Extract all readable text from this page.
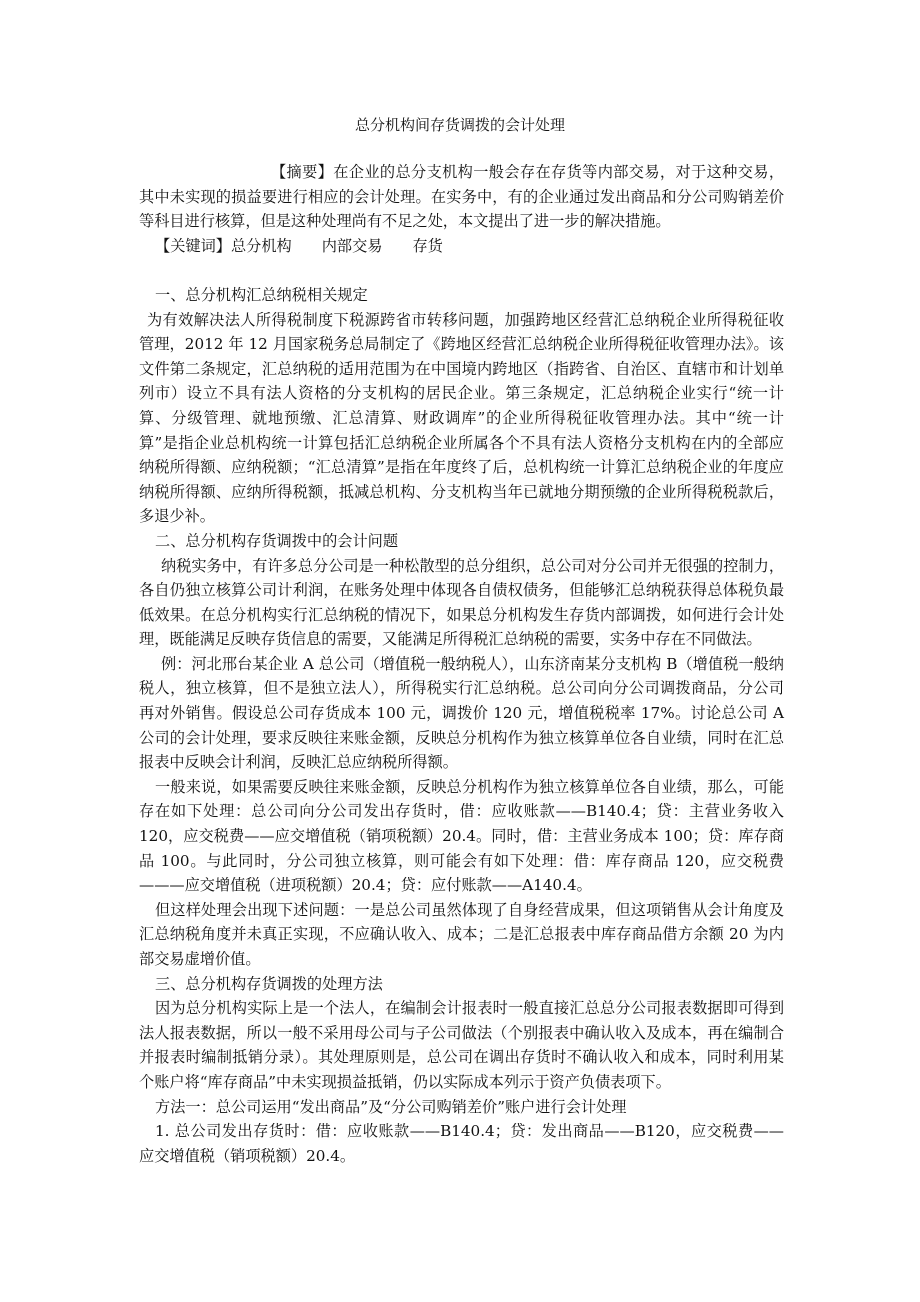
总分机构间存货调拨的会计处理

【摘要】在企业的总分支机构一般会存在存货等内部交易，对于这种交易，其中未实现的损益要进行相应的会计处理。在实务中，有的企业通过发出商品和分公司购销差价等科目进行核算，但是这种处理尚有不足之处，本文提出了进一步的解决措施。

【关键词】总分机构 内部交易 存货

一、总分机构汇总纳税相关规定

为有效解决法人所得税制度下税源跨省市转移问题，加强跨地区经营汇总纳税企业所得税征收管理，2012 年 12 月国家税务总局制定了《跨地区经营汇总纳税企业所得税征收管理办法》。该文件第二条规定，汇总纳税的适用范围为在中国境内跨地区（指跨省、自治区、直辖市和计划单列市）设立不具有法人资格的分支机构的居民企业。第三条规定，汇总纳税企业实行“统一计算、分级管理、就地预缴、汇总清算、财政调库”的企业所得税征收管理办法。其中“统一计算”是指企业总机构统一计算包括汇总纳税企业所属各个不具有法人资格分支机构在内的全部应纳税所得额、应纳税额；“汇总清算”是指在年度终了后，总机构统一计算汇总纳税企业的年度应纳税所得额、应纳所得税额，抵减总机构、分支机构当年已就地分期预缴的企业所得税税款后，多退少补。

二、总分机构存货调拨中的会计问题

纳税实务中，有许多总分公司是一种松散型的总分组织，总公司对分公司并无很强的控制力，各自仍独立核算公司计利润，在账务处理中体现各自债权债务，但能够汇总纳税获得总体税负最低效果。在总分机构实行汇总纳税的情况下，如果总分机构发生存货内部调拨，如何进行会计处理，既能满足反映存货信息的需要，又能满足所得税汇总纳税的需要，实务中存在不同做法。

例：河北邢台某企业 A 总公司（增值税一般纳税人），山东济南某分支机构 B（增值税一般纳税人，独立核算，但不是独立法人），所得税实行汇总纳税。总公司向分公司调拨商品，分公司再对外销售。假设总公司存货成本 100 元，调拨价 120 元，增值税税率 17%。讨论总公司 A 公司的会计处理，要求反映往来账金额，反映总分机构作为独立核算单位各自业绩，同时在汇总报表中反映会计利润，反映汇总应纳税所得额。

一般来说，如果需要反映往来账金额，反映总分机构作为独立核算单位各自业绩，那么，可能存在如下处理：总公司向分公司发出存货时，借：应收账款——B140.4；贷：主营业务收入 120，应交税费——应交增值税（销项税额）20.4。同时，借：主营业务成本 100；贷：库存商品 100。与此同时，分公司独立核算，则可能会有如下处理：借：库存商品 120，应交税费———应交增值税（进项税额）20.4；贷：应付账款——A140.4。

但这样处理会出现下述问题：一是总公司虽然体现了自身经营成果，但这项销售从会计角度及汇总纳税角度并未真正实现，不应确认收入、成本；二是汇总报表中库存商品借方余额 20 为内部交易虚增价值。

三、总分机构存货调拨的处理方法

因为总分机构实际上是一个法人，在编制会计报表时一般直接汇总总分公司报表数据即可得到法人报表数据，所以一般不采用母公司与子公司做法（个别报表中确认收入及成本，再在编制合并报表时编制抵销分录）。其处理原则是，总公司在调出存货时不确认收入和成本，同时利用某个账户将“库存商品”中未实现损益抵销，仍以实际成本列示于资产负债表项下。

方法一：总公司运用“发出商品”及“分公司购销差价”账户进行会计处理

1. 总公司发出存货时：借：应收账款——B140.4；贷：发出商品——B120，应交税费——应交增值税（销项税额）20.4。
